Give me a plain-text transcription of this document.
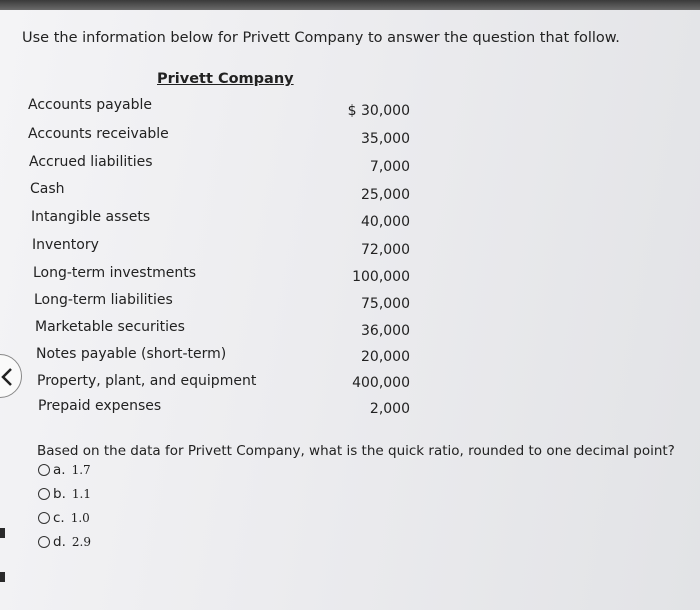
Use the information below for Privett Company to answer the question that follow.
Privett Company
Accounts payable	$ 30,000
Accounts receivable	35,000
Accrued liabilities	7,000
Cash	25,000
Intangible assets	40,000
Inventory	72,000
Long-term investments	100,000
Long-term liabilities	75,000
Marketable securities	36,000
Notes payable (short-term)	20,000
Property, plant, and equipment	400,000
Prepaid expenses	2,000
Based on the data for Privett Company, what is the quick ratio, rounded to one decimal point?
a. 1.7
b. 1.1
c. 1.0
d. 2.9
